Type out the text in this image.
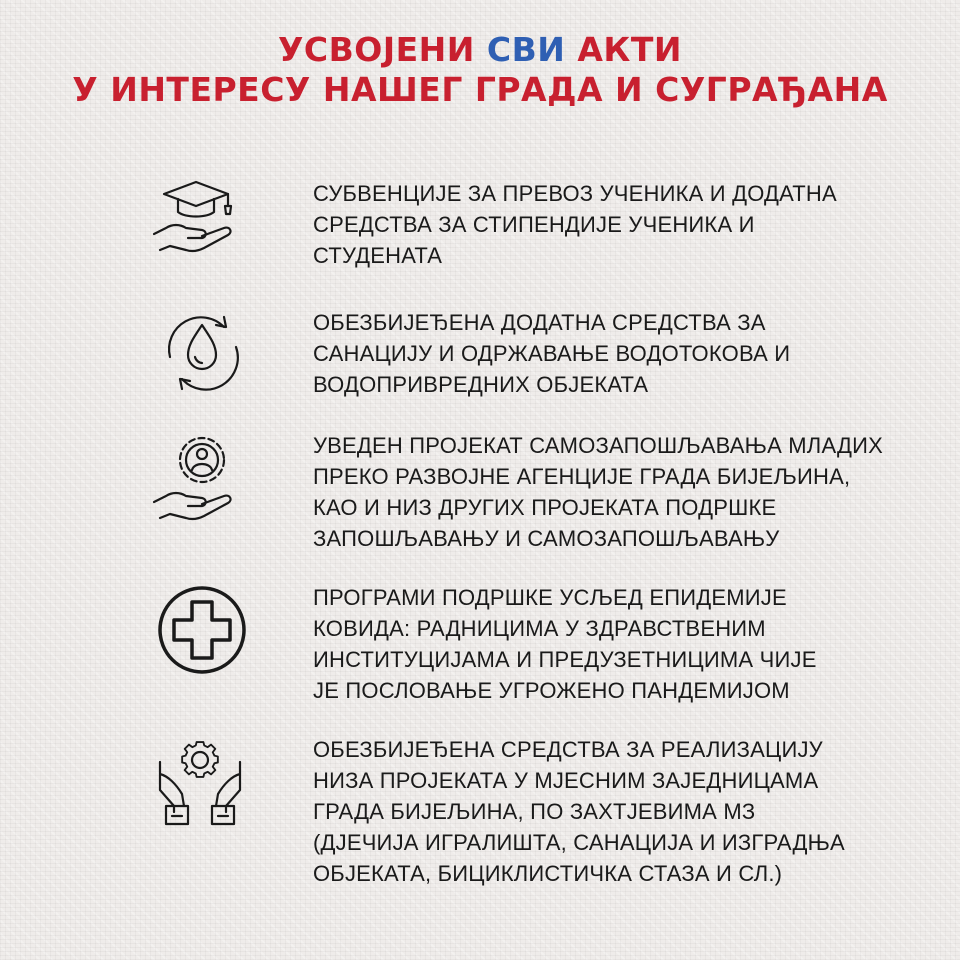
УСВОЈЕНИ СВИ АКТИ
У ИНТЕРЕСУ НАШЕГ ГРАДА И СУГРАЂАНА
СУБВЕНЦИЈЕ ЗА ПРЕВОЗ УЧЕНИКА И ДОДАТНА
СРЕДСТВА ЗА СТИПЕНДИЈЕ УЧЕНИКА И
СТУДЕНАТА
ОБЕЗБИЈЕЂЕНА ДОДАТНА СРЕДСТВА ЗА
САНАЦИЈУ И ОДРЖАВАЊЕ ВОДОТОКОВА И
ВОДОПРИВРЕДНИХ ОБЈЕКАТА
УВЕДЕН ПРОЈЕКАТ САМОЗАПОШЉАВАЊА МЛАДИХ
ПРЕКО РАЗВОЈНЕ АГЕНЦИЈЕ ГРАДА БИЈЕЉИНА,
КАО И НИЗ ДРУГИХ ПРОЈЕКАТА ПОДРШКЕ
ЗАПОШЉАВАЊУ И САМОЗАПОШЉАВАЊУ
ПРОГРАМИ ПОДРШКЕ УСЉЕД ЕПИДЕМИЈЕ
КОВИДА: РАДНИЦИМА У ЗДРАВСТВЕНИМ
ИНСТИТУЦИЈАМА И ПРЕДУЗЕТНИЦИМА ЧИЈЕ
ЈЕ ПОСЛОВАЊЕ УГРОЖЕНО ПАНДЕМИЈОМ
ОБЕЗБИЈЕЂЕНА СРЕДСТВА ЗА РЕАЛИЗАЦИЈУ
НИЗА ПРОЈЕКАТА У МЈЕСНИМ ЗАЈЕДНИЦАМА
ГРАДА БИЈЕЉИНА, ПО ЗАХТЈЕВИМА МЗ
(ДЈЕЧИЈА ИГРАЛИШТА, САНАЦИЈА И ИЗГРАДЊА
ОБЈЕКАТА, БИЦИКЛИСТИЧКА СТАЗА И СЛ.)
